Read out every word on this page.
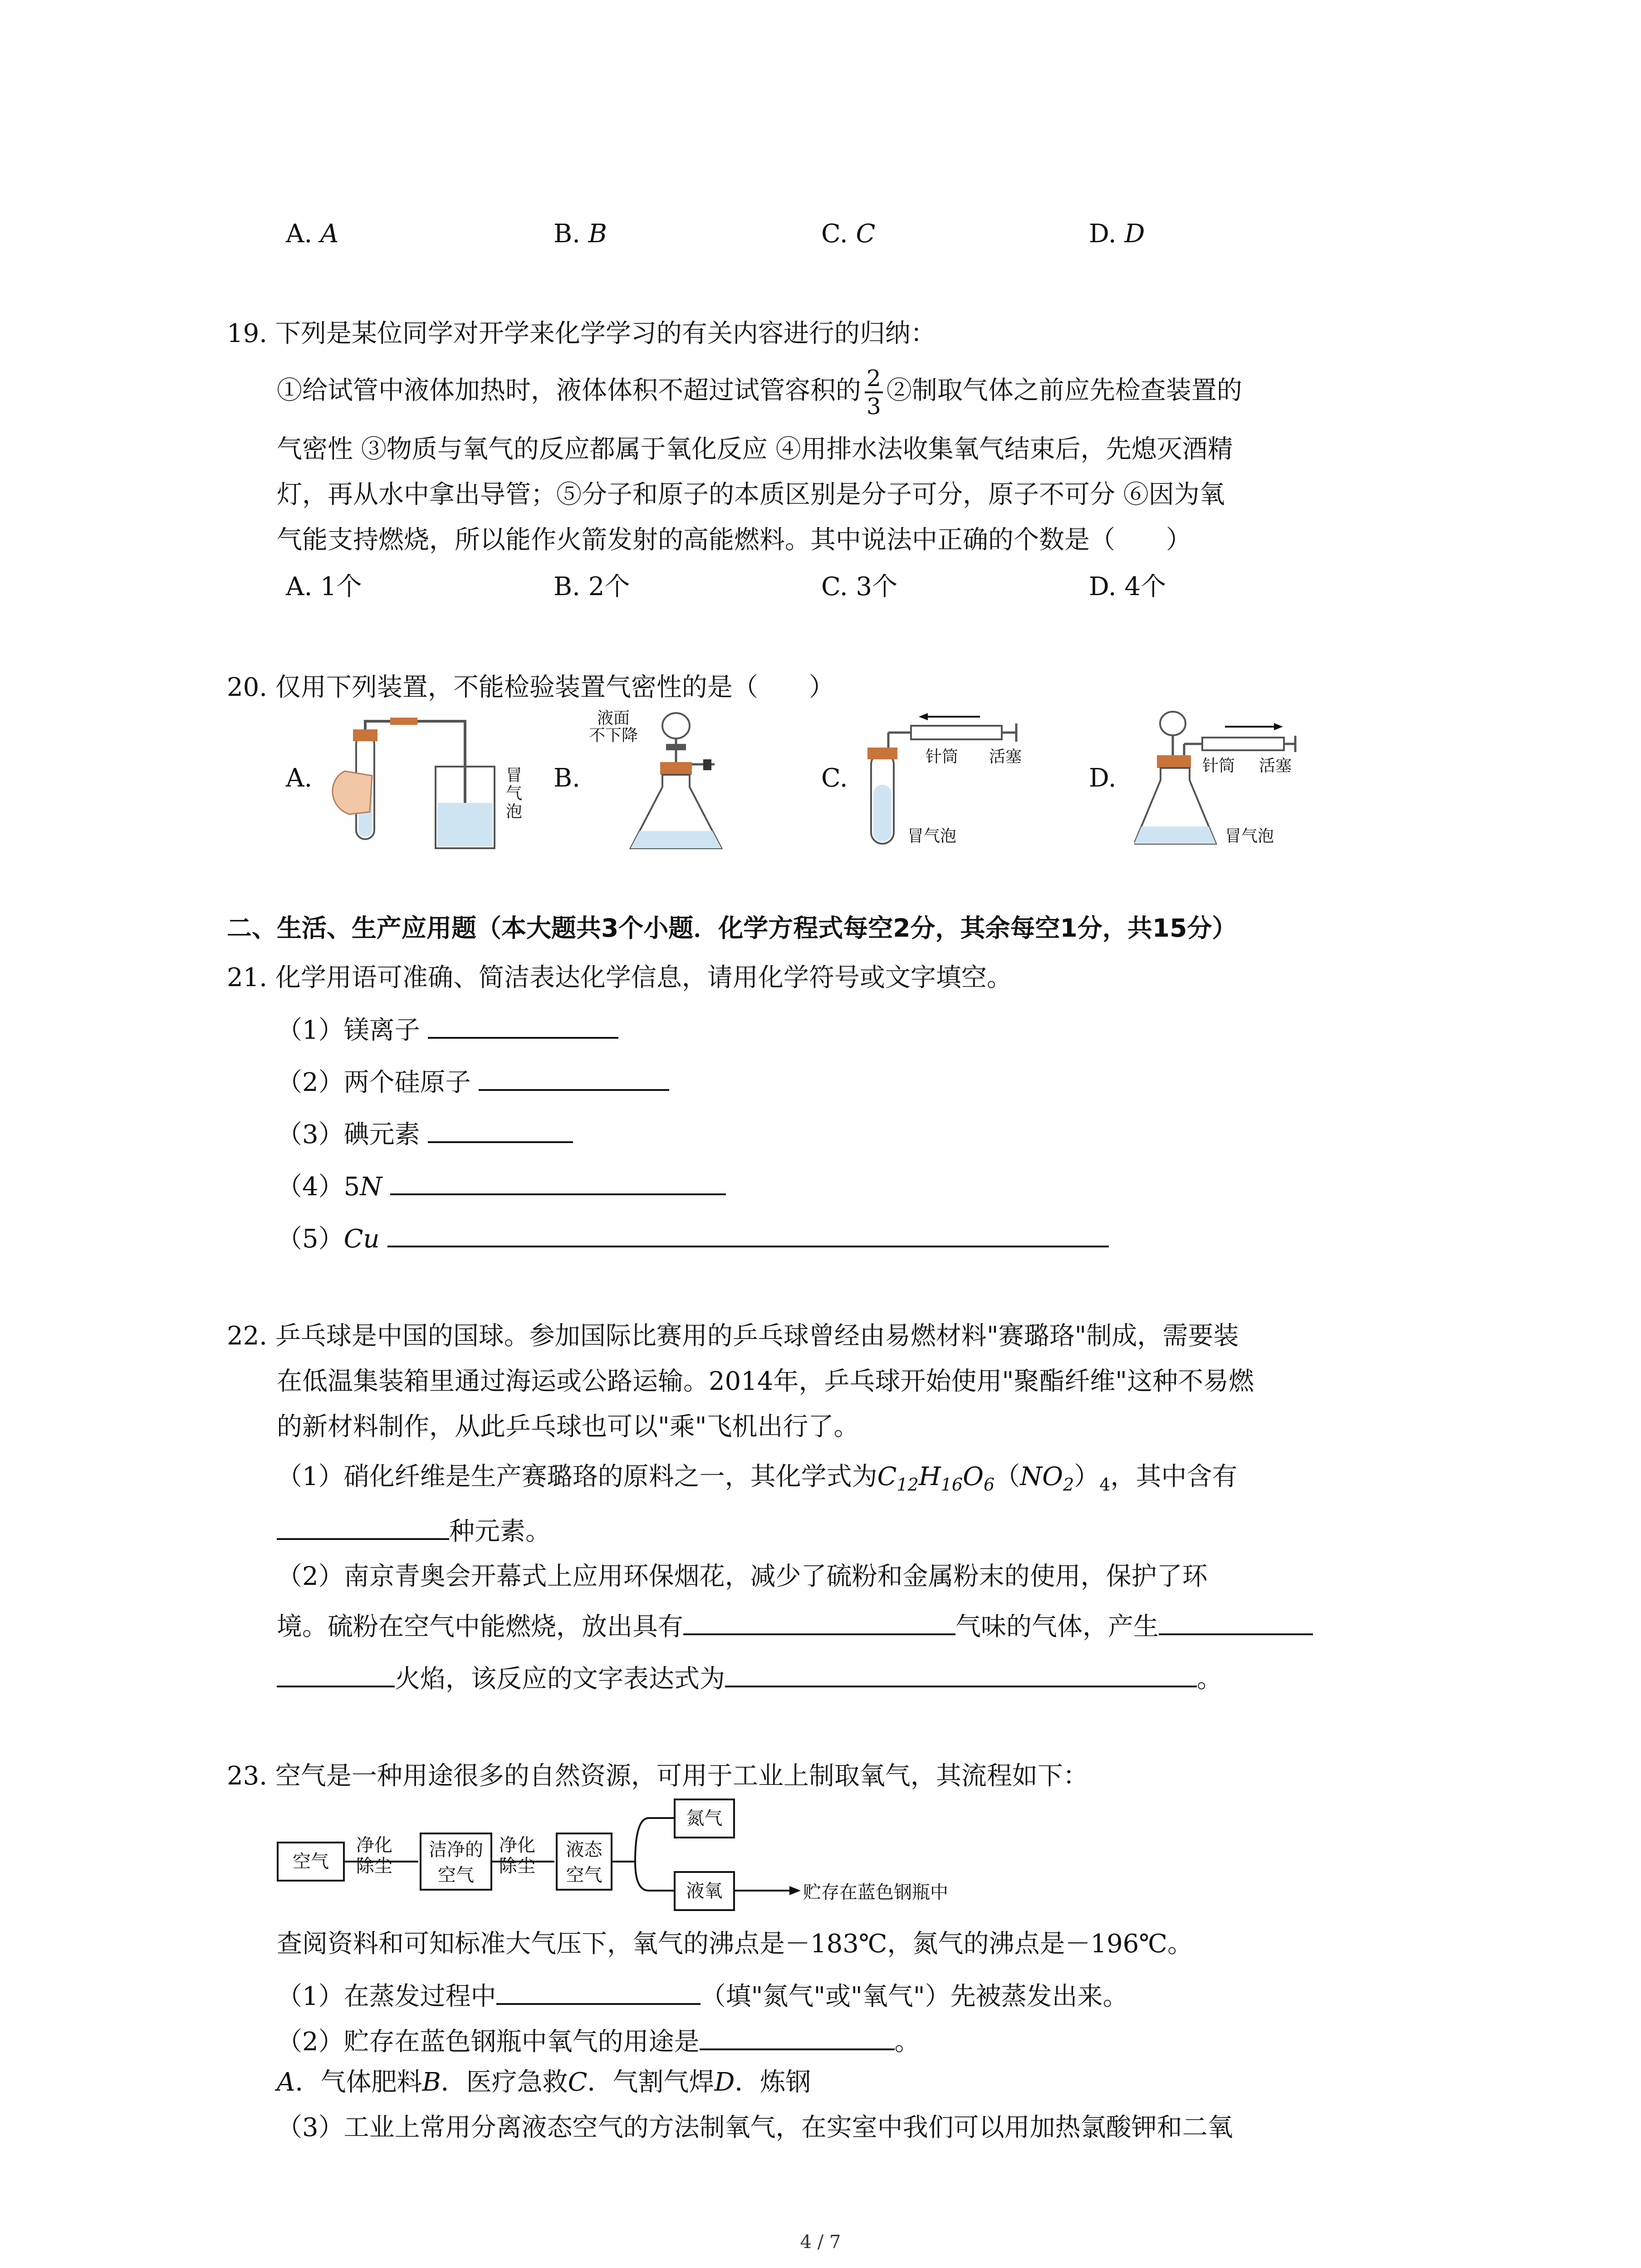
A. A	B. B	C. C	D. D
19. 下列是某位同学对开学来化学学习的有关内容进行的归纳：
①给试管中液体加热时，液体体积不超过试管容积的 $\frac{2}{3}$ ②制取气体之前应先检查装置的
气密性 ③物质与氧气的反应都属于氧化反应 ④用排水法收集氧气结束后，先熄灭酒精
灯，再从水中拿出导管；⑤分子和原子的本质区别是分子可分，原子不可分 ⑥因为氧
气能支持燃烧，所以能作火箭发射的高能燃料。其中说法中正确的个数是（　　）
A. 1个	B. 2个	C. 3个	D. 4个
20. 仅用下列装置，不能检验装置气密性的是（　　）
A.	B.	C.	D.
冒
气
泡
液面
不下降
针筒 活塞
冒气泡
针筒 活塞
冒气泡
二、生活、生产应用题（本大题共3个小题．化学方程式每空2分，其余每空1分，共15分）
21. 化学用语可准确、简洁表达化学信息，请用化学符号或文字填空。
（1）镁离子
（2）两个硅原子
（3）碘元素
（4）5N
（5）Cu
22. 乒乓球是中国的国球。参加国际比赛用的乒乓球曾经由易燃材料"赛璐珞"制成，需要装
在低温集装箱里通过海运或公路运输。2014年，乒乓球开始使用"聚酯纤维"这种不易燃
的新材料制作，从此乒乓球也可以"乘"飞机出行了。
（1）硝化纤维是生产赛璐珞的原料之一，其化学式为$C_{12}H_{16}O_6(NO_2)_4$，其中含有
种元素。
（2）南京青奥会开幕式上应用环保烟花，减少了硫粉和金属粉末的使用，保护了环
境。硫粉在空气中能燃烧，放出具有	气味的气体，产生
火焰，该反应的文字表达式为	。
23. 空气是一种用途很多的自然资源，可用于工业上制取氧气，其流程如下：
空气
净化
除尘
洁净的
空气
净化
除尘
液态
空气
氮气
液氧	贮存在蓝色钢瓶中
查阅资料和可知标准大气压下，氧气的沸点是－183℃，氮气的沸点是－196℃。
（1）在蒸发过程中	（填"氮气"或"氧气"）先被蒸发出来。
（2）贮存在蓝色钢瓶中氧气的用途是	。
A．气体肥料B．医疗急救C．气割气焊D．炼钢
（3）工业上常用分离液态空气的方法制氧气，在实室中我们可以用加热氯酸钾和二氧
4 / 7
